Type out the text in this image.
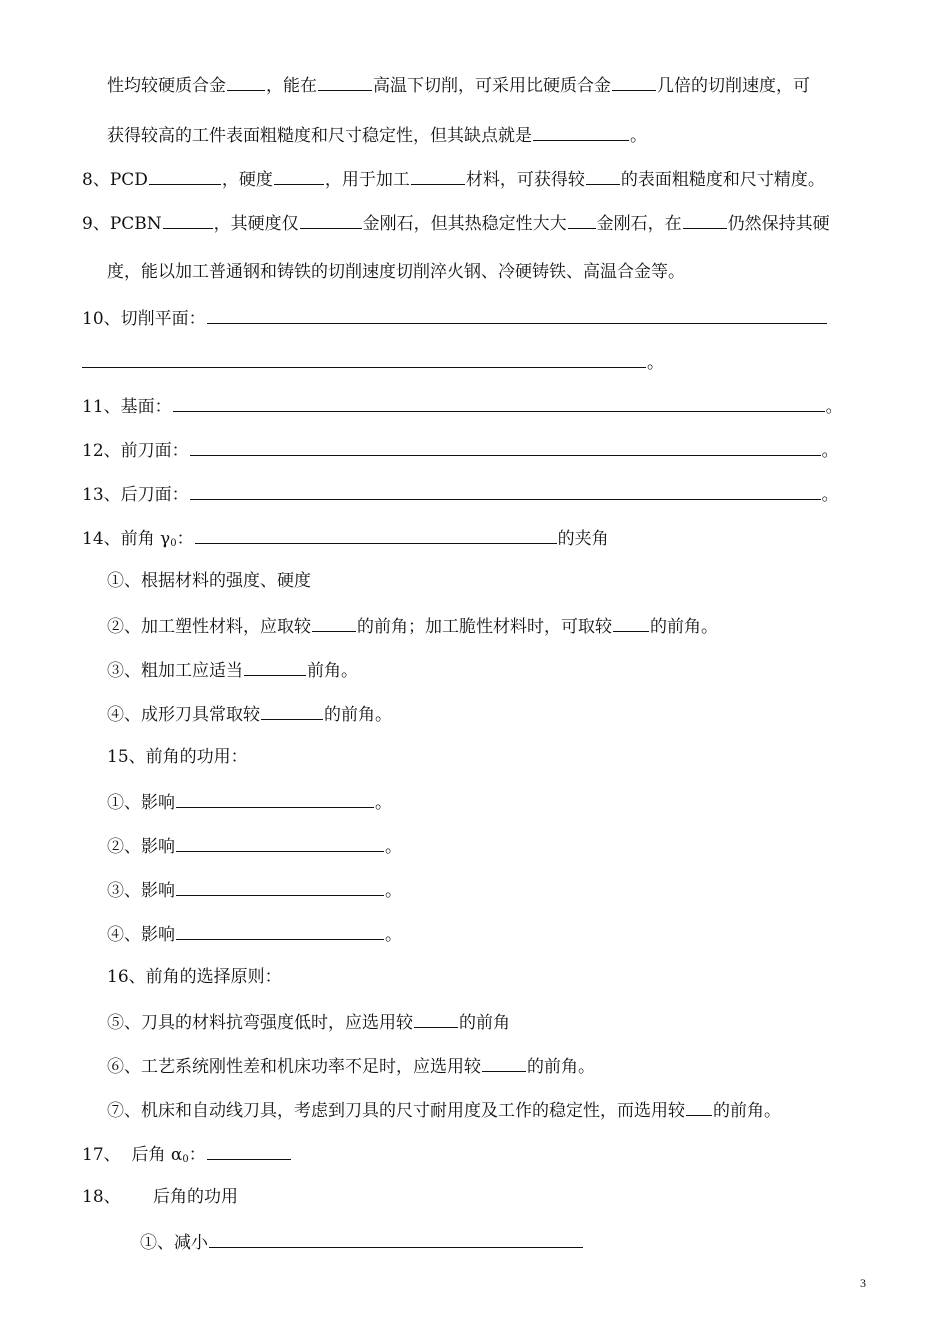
性均较硬质合金 ，能在	高温下切削，可采用比硬质合金	几倍的切削速度，可
获得较高的工件表面粗糙度和尺寸稳定性，但其缺点就是	。
8、PCD	，硬度	，用于加工	材料，可获得较 的表面粗糙度和尺寸精度。
9、PCBN	，其硬度仅	金刚石，但其热稳定性大大 金刚石，在	仍然保持其硬
度，能以加工普通钢和铸铁的切削速度切削淬火钢、冷硬铸铁、高温合金等。
10、切削平面：
。
11、基面：	。
12、前刀面：	。
13、后刀面：	。
14、前角 $\gamma_0$：	的夹角
①、根据材料的强度、硬度
②、加工塑性材料，应取较	的前角；加工脆性材料时，可取较 的前角。
③、粗加工应适当	前角。
④、成形刀具常取较	的前角。
15、前角的功用：
①、影响	。
②、影响	。
③、影响	。
④、影响	。
16、前角的选择原则：
⑤、刀具的材料抗弯强度低时，应选用较	的前角
⑥、工艺系统刚性差和机床功率不足时，应选用较	的前角。
⑦、机床和自动线刀具，考虑到刀具的尺寸耐用度及工作的稳定性，而选用较 的前角。
17、  后角 $\alpha_0$：
18、      后角的功用
①、减小
3
